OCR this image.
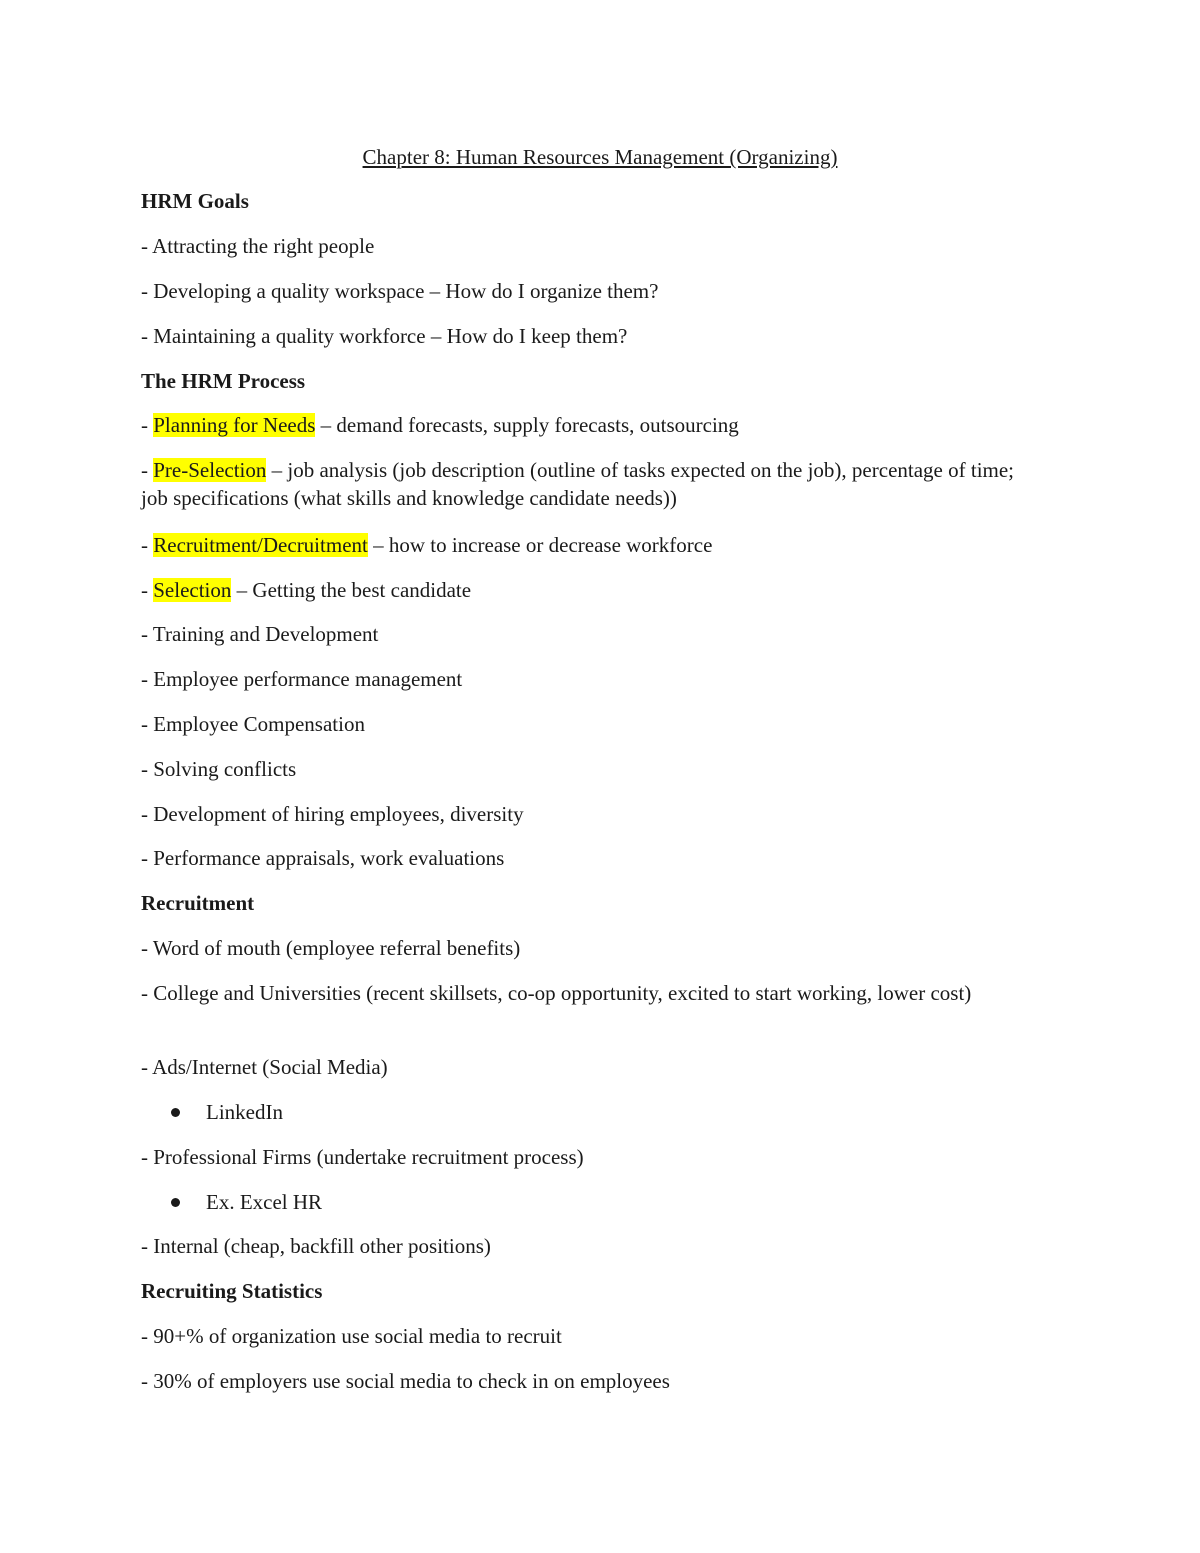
Chapter 8: Human Resources Management (Organizing)
HRM Goals
- Attracting the right people
- Developing a quality workspace – How do I organize them?
- Maintaining a quality workforce – How do I keep them?
The HRM Process
- Planning for Needs – demand forecasts, supply forecasts, outsourcing
- Pre-Selection – job analysis (job description (outline of tasks expected on the job), percentage of time; job specifications (what skills and knowledge candidate needs))
- Recruitment/Decruitment – how to increase or decrease workforce
- Selection – Getting the best candidate
- Training and Development
- Employee performance management
- Employee Compensation
- Solving conflicts
- Development of hiring employees, diversity
- Performance appraisals, work evaluations
Recruitment
- Word of mouth (employee referral benefits)
- College and Universities (recent skillsets, co-op opportunity, excited to start working, lower cost)
- Ads/Internet (Social Media)
LinkedIn
- Professional Firms (undertake recruitment process)
Ex. Excel HR
- Internal (cheap, backfill other positions)
Recruiting Statistics
- 90+% of organization use social media to recruit
- 30% of employers use social media to check in on employees
